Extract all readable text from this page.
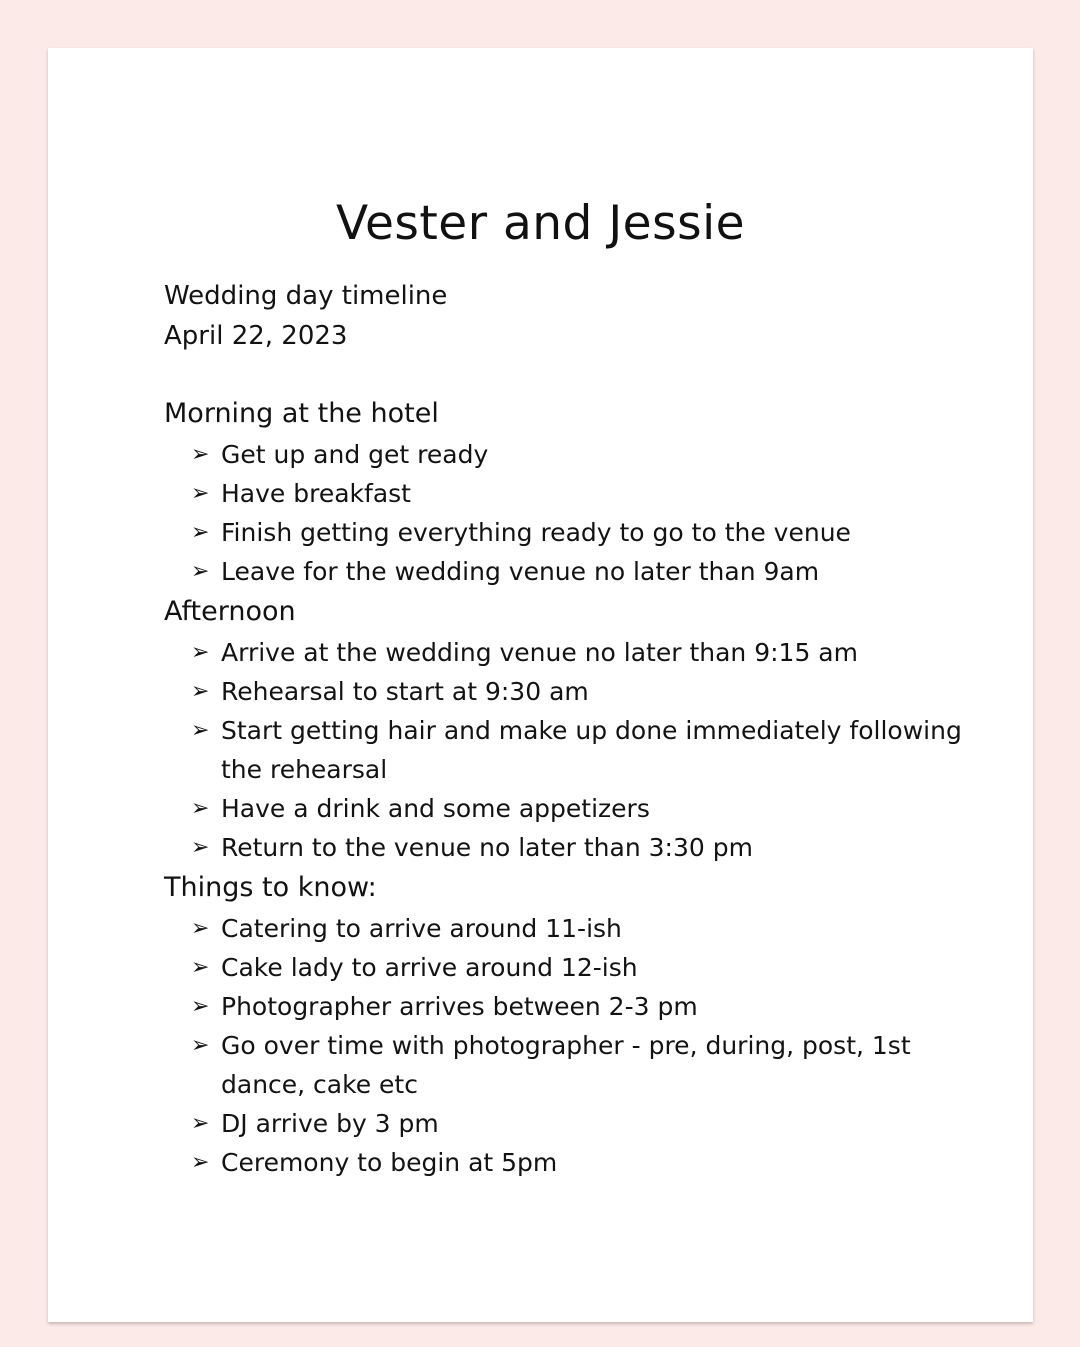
Vester and Jessie
Wedding day timeline
April 22, 2023
Morning at the hotel
➢ Get up and get ready
➢ Have breakfast
➢ Finish getting everything ready to go to the venue
➢ Leave for the wedding venue no later than 9am
Afternoon
➢ Arrive at the wedding venue no later than 9:15 am
➢ Rehearsal to start at 9:30 am
➢ Start getting hair and make up done immediately following the rehearsal
➢ Have a drink and some appetizers
➢ Return to the venue no later than 3:30 pm
Things to know:
➢ Catering to arrive around 11-ish
➢ Cake lady to arrive around 12-ish
➢ Photographer arrives between 2-3 pm
➢ Go over time with photographer - pre, during, post, 1st dance, cake etc
➢ DJ arrive by 3 pm
➢ Ceremony to begin at 5pm
